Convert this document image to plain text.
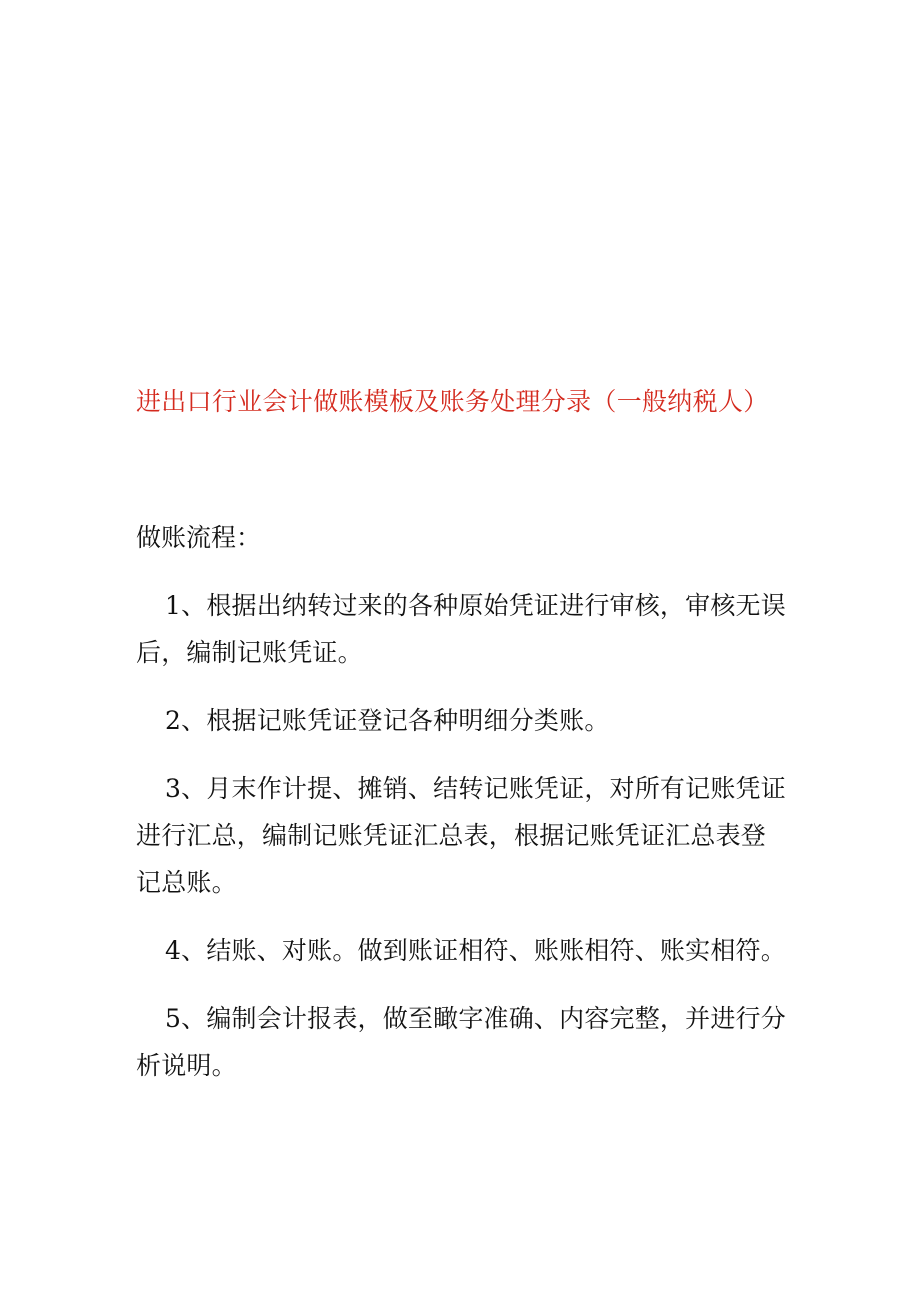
进出口行业会计做账模板及账务处理分录（一般纳税人）
做账流程：
1、根据出纳转过来的各种原始凭证进行审核，审核无误后，编制记账凭证。
2、根据记账凭证登记各种明细分类账。
3、月末作计提、摊销、结转记账凭证，对所有记账凭证进行汇总，编制记账凭证汇总表，根据记账凭证汇总表登记总账。
4、结账、对账。做到账证相符、账账相符、账实相符。
5、编制会计报表，做至瞰字准确、内容完整，并进行分析说明。
